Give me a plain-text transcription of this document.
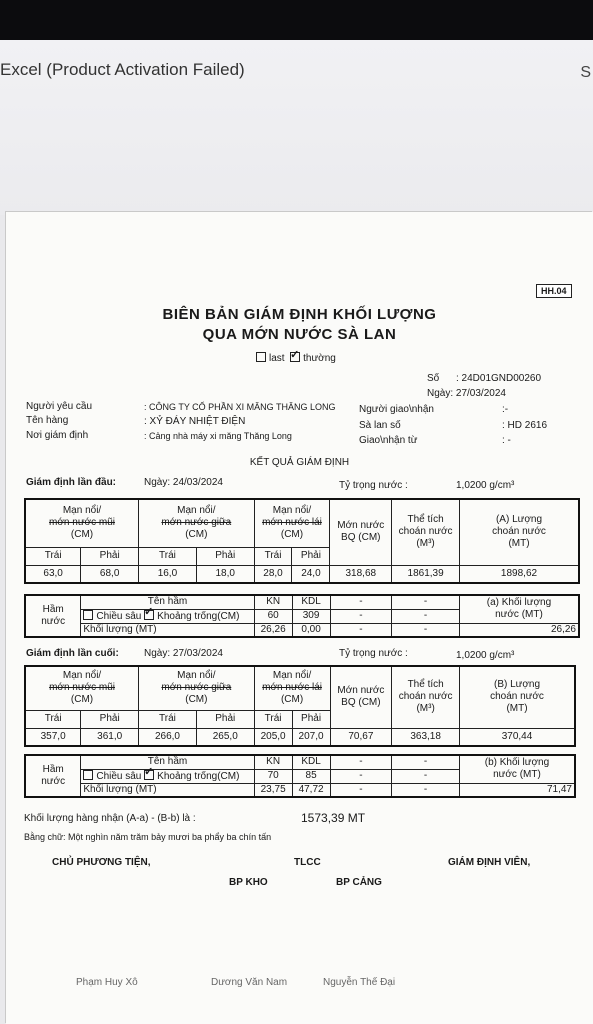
Excel (Product Activation Failed)	S
HH.04
BIÊN BẢN GIÁM ĐỊNH KHỐI LƯỢNG
QUA MỚN NƯỚC SÀ LAN
last ✓ thường
Số : 24D01GND00260
Ngày: 27/03/2024
Người yêu cầu	: CÔNG TY CỔ PHẦN XI MĂNG THĂNG LONG
Tên hàng	: XỶ ĐÁY NHIỆT ĐIỆN
Nơi giám định	: Cảng nhà máy xi măng Thăng Long
Người giao\nhận	:-
Sà lan số	: HD 2616
Giao\nhận từ	: -
KẾT QUẢ GIÁM ĐỊNH
Giám định lần đầu:	Ngày: 24/03/2024	Tỷ trọng nước :	1,0200 g/cm³
Mạn nổi/
mớn nước mũi
(CM)		Mạn nổi/
mớn nước giữa
(CM)		Mạn nổi/
mớn nước lái
(CM)		Mớn nước BQ (CM)	Thể tích choán nước
(M³)	(A) Lượng
choán nước
(MT)
Trái	Phải	Trái	Phải	Trái	Phải			
63,0	68,0	16,0	18,0	28,0	24,0	318,68	1861,39	1898,62
Hầm
nước	Tên hầm	KN	KDL	-	-	(a) Khối lượng
nước (MT)
	Chiều sâu ✓ Khoảng trống(CM)	60	309	-	-	
	Khối lượng (MT)	26,26	0,00	-	-	26,26
Giám định lần cuối:	Ngày: 27/03/2024	Tỷ trọng nước :	1,0200 g/cm³
Mạn nổi/
mớn nước mũi
(CM)		Mạn nổi/
mớn nước giữa
(CM)		Mạn nổi/
mớn nước lái
(CM)		Mớn nước BQ (CM)	Thể tích choán nước
(M³)	(B) Lượng
choán nước
(MT)
Trái	Phải	Trái	Phải	Trái	Phải			
357,0	361,0	266,0	265,0	205,0	207,0	70,67	363,18	370,44
Hầm
nước	Tên hầm	KN	KDL	-	-	(b) Khối lượng
nước (MT)
	Chiều sâu ✓ Khoảng trống(CM)	70	85	-	-	
	Khối lượng (MT)	23,75	47,72	-	-	71,47
Khối lượng hàng nhận (A-a) - (B-b) là :	1573,39 MT
Bằng chữ: Một nghìn năm trăm bảy mươi ba phẩy ba chín tấn
CHỦ PHƯƠNG TIỆN,	TLCC	GIÁM ĐỊNH VIÊN,
BP KHO	BP CẢNG
Phạm Huy Xô	Dương Văn Nam	Nguyễn Thế Đại
